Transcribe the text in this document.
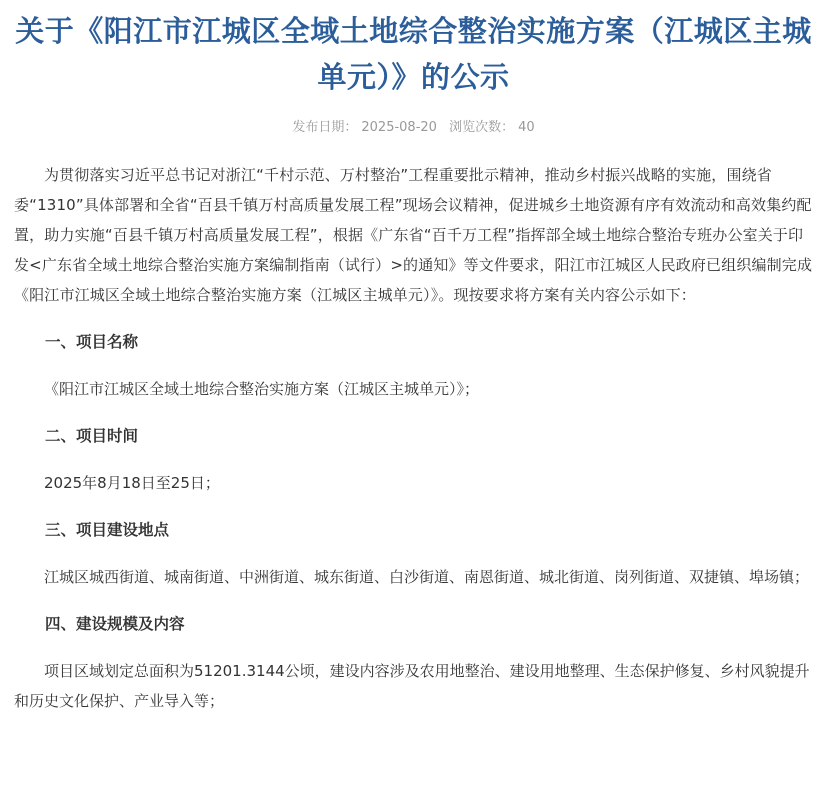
关于《阳江市江城区全域土地综合整治实施方案（江城区主城单元）》的公示
发布日期： 2025-08-20 浏览次数： 40

为贯彻落实习近平总书记对浙江“千村示范、万村整治”工程重要批示精神，推动乡村振兴战略的实施，围绕省委“1310”具体部署和全省“百县千镇万村高质量发展工程”现场会议精神，促进城乡土地资源有序有效流动和高效集约配置，助力实施“百县千镇万村高质量发展工程”，根据《广东省“百千万工程”指挥部全域土地综合整治专班办公室关于印发<广东省全域土地综合整治实施方案编制指南（试行）>的通知》等文件要求，阳江市江城区人民政府已组织编制完成《阳江市江城区全域土地综合整治实施方案（江城区主城单元）》。现按要求将方案有关内容公示如下：

一、项目名称

《阳江市江城区全域土地综合整治实施方案（江城区主城单元）》；

二、项目时间

2025年8月18日至25日；

三、项目建设地点

江城区城西街道、城南街道、中洲街道、城东街道、白沙街道、南恩街道、城北街道、岗列街道、双捷镇、埠场镇；

四、建设规模及内容

项目区域划定总面积为51201.3144公顷，建设内容涉及农用地整治、建设用地整理、生态保护修复、乡村风貌提升和历史文化保护、产业导入等；
